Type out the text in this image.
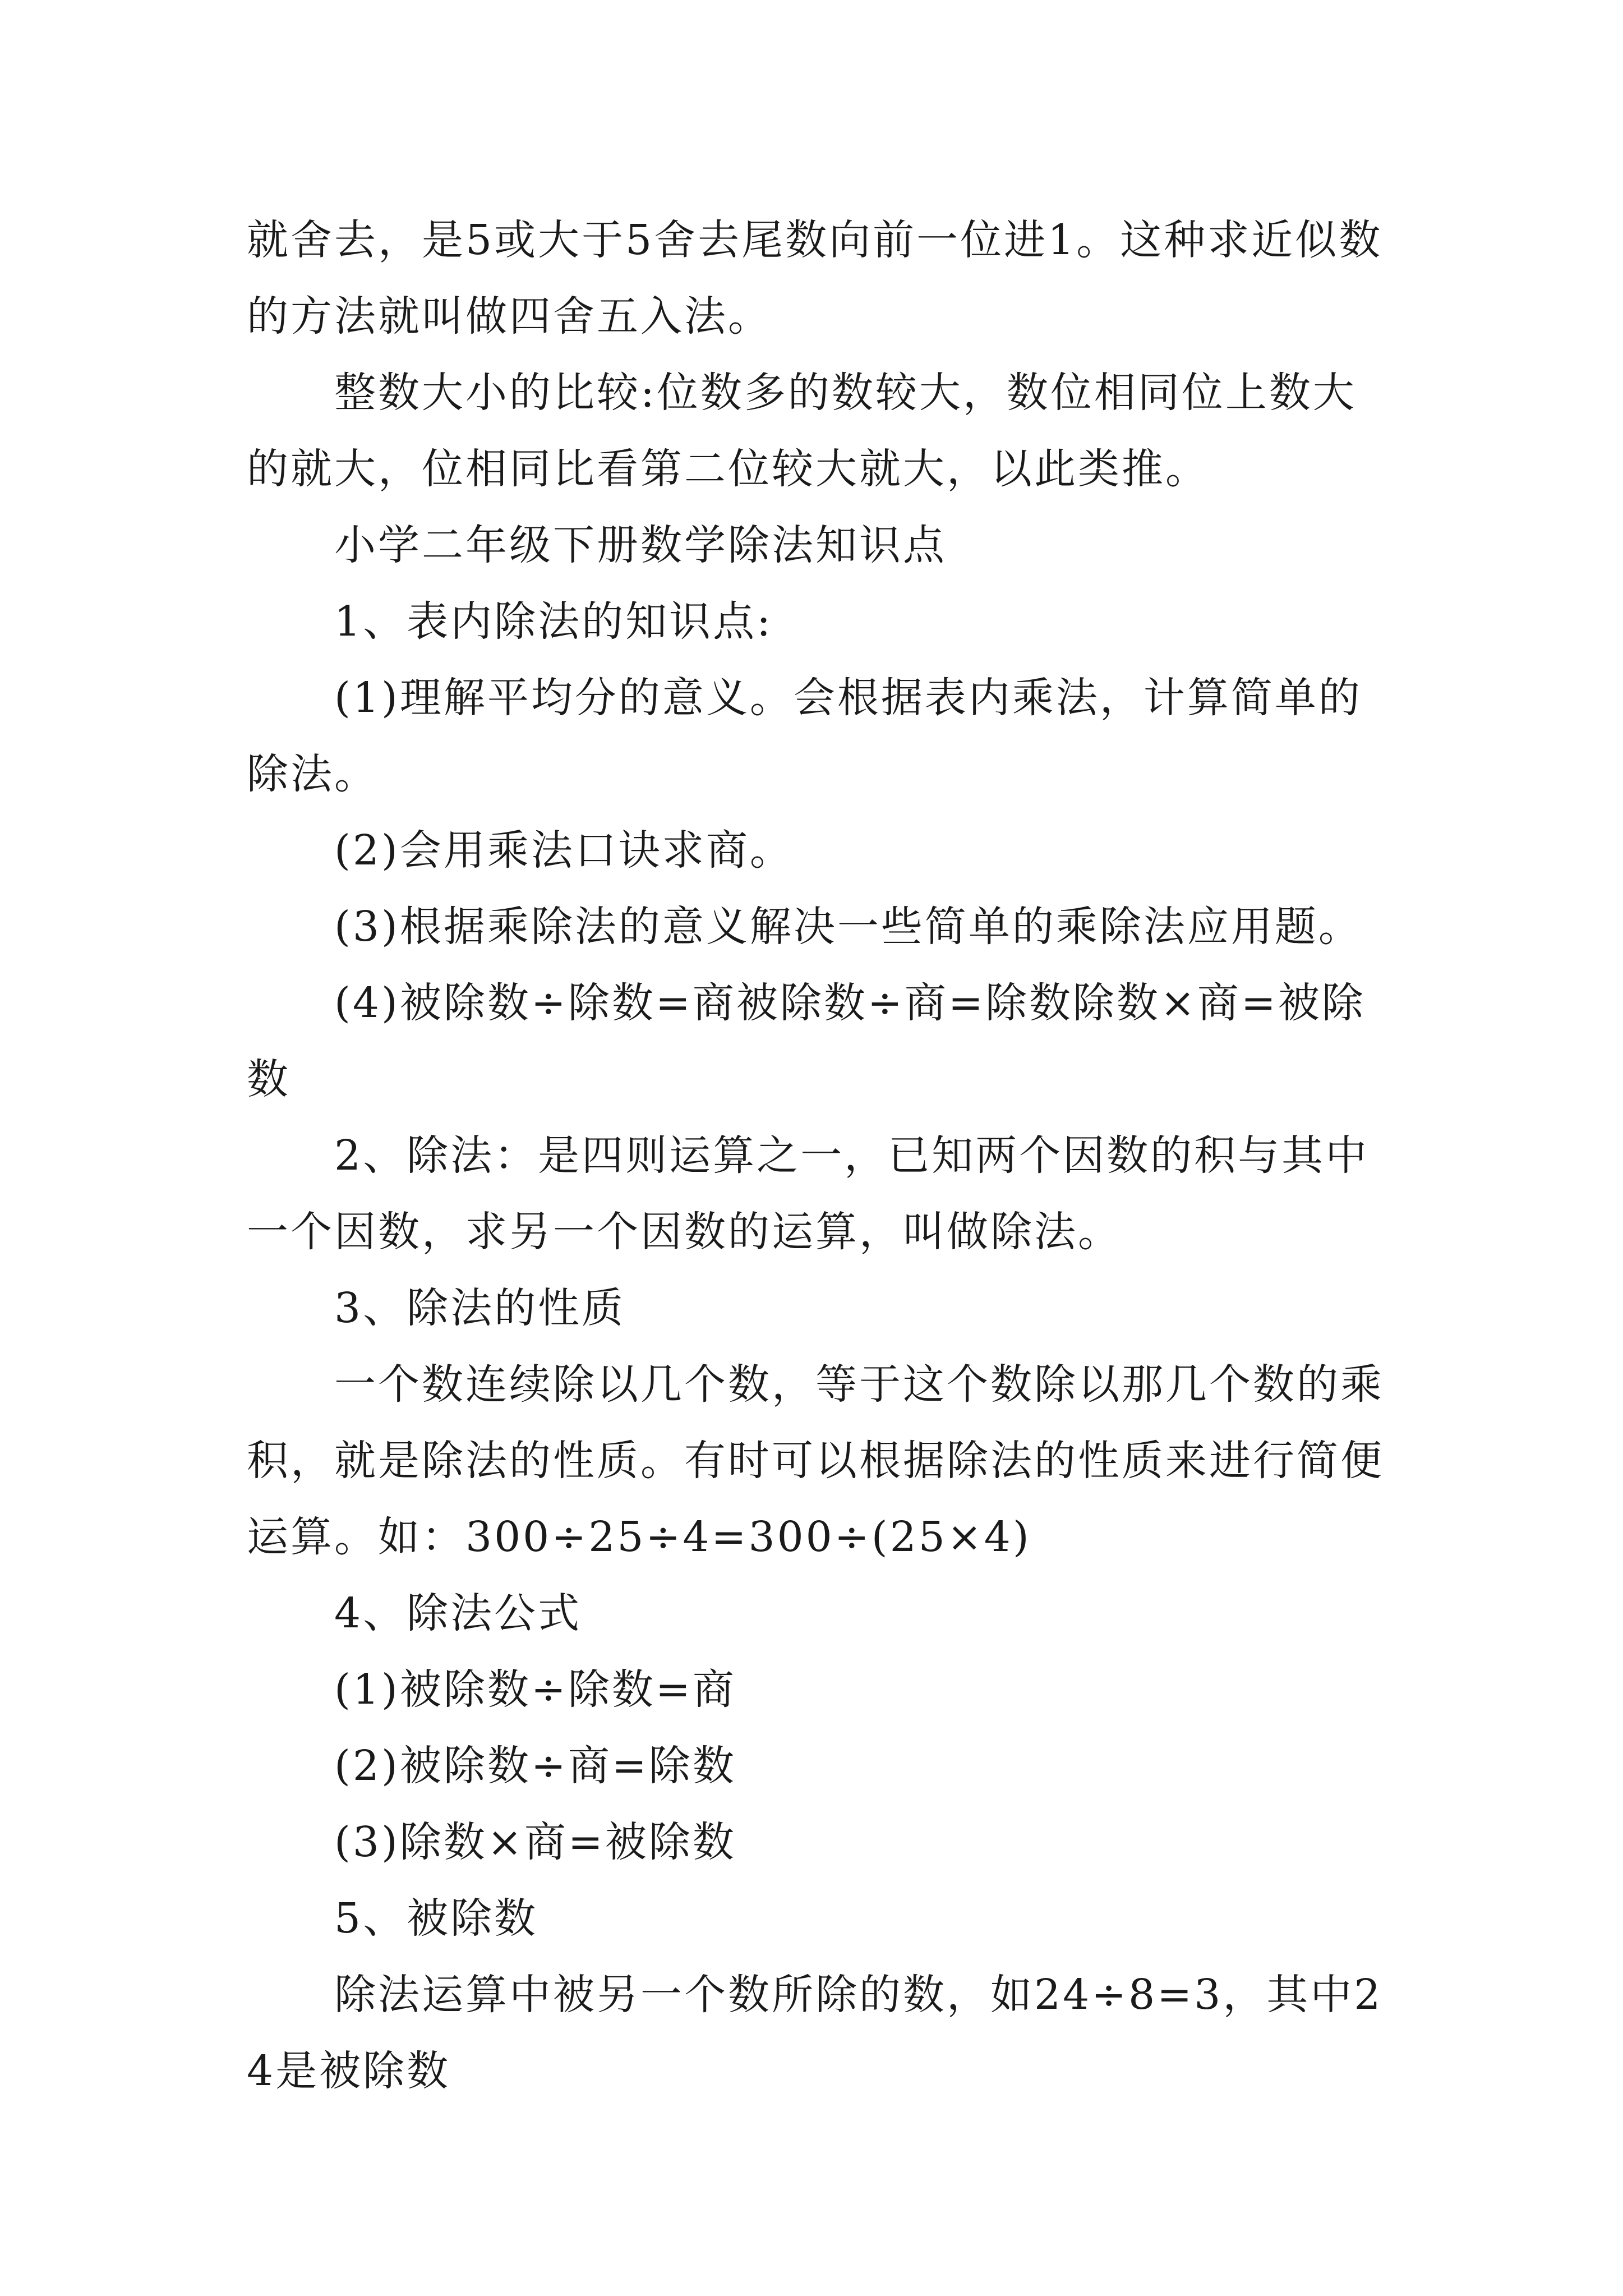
就舍去，是5或大于5舍去尾数向前一位进1。这种求近似数的方法就叫做四舍五入法。

整数大小的比较:位数多的数较大，数位相同位上数大的就大，位相同比看第二位较大就大，以此类推。

小学二年级下册数学除法知识点

1、表内除法的知识点:

(1)理解平均分的意义。会根据表内乘法，计算简单的除法。

(2)会用乘法口诀求商。

(3)根据乘除法的意义解决一些简单的乘除法应用题。

(4)被除数÷除数=商被除数÷商=除数除数×商=被除数

2、除法：是四则运算之一，已知两个因数的积与其中一个因数，求另一个因数的运算，叫做除法。

3、除法的性质

一个数连续除以几个数，等于这个数除以那几个数的乘积，就是除法的性质。有时可以根据除法的性质来进行简便运算。如：300÷25÷4=300÷(25×4)

4、除法公式

(1)被除数÷除数=商

(2)被除数÷商=除数

(3)除数×商=被除数

5、被除数

除法运算中被另一个数所除的数，如24÷8=3，其中24是被除数
